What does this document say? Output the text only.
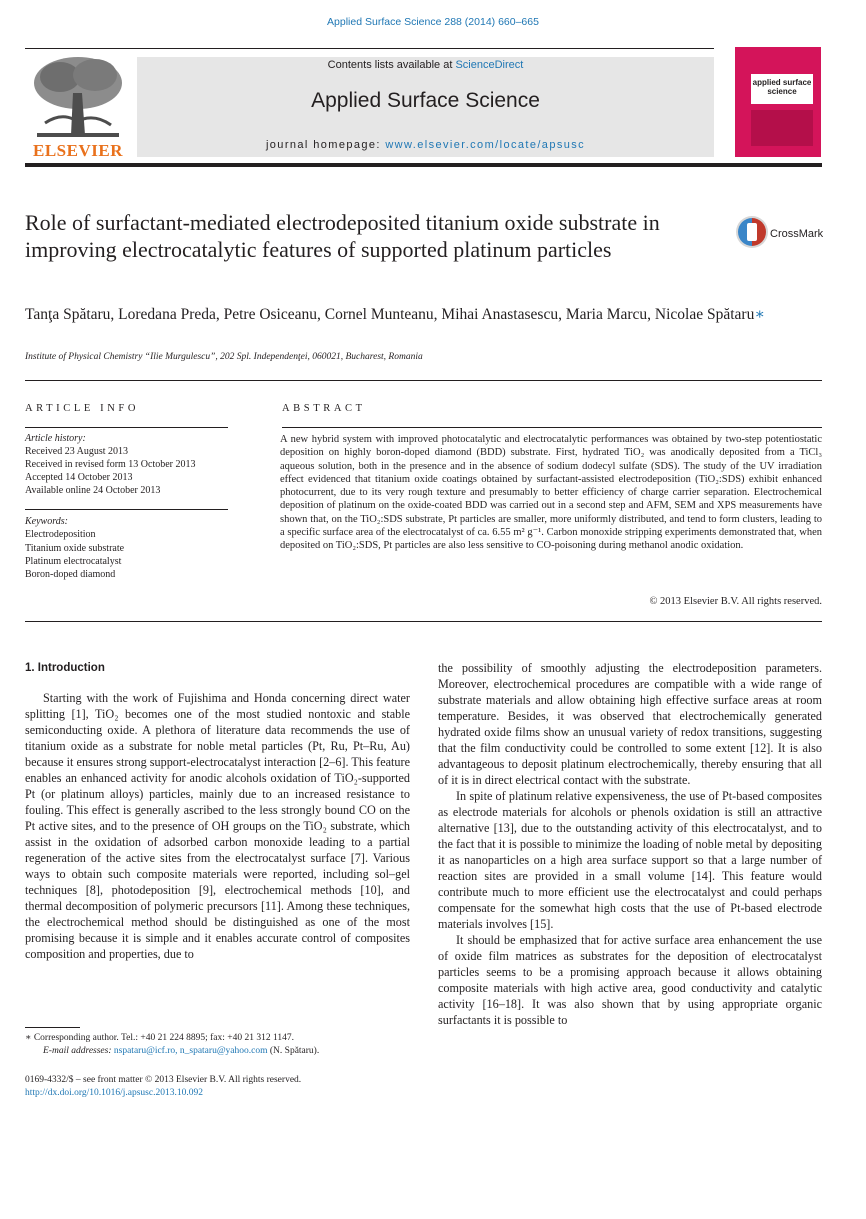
Applied Surface Science 288 (2014) 660–665
ELSEVIER
Contents lists available at ScienceDirect
Applied Surface Science
journal homepage: www.elsevier.com/locate/apsusc
applied surface science
Role of surfactant-mediated electrodeposited titanium oxide substrate in improving electrocatalytic features of supported platinum particles
CrossMark
Tanţa Spătaru, Loredana Preda, Petre Osiceanu, Cornel Munteanu, Mihai Anastasescu, Maria Marcu, Nicolae Spătaru∗
Institute of Physical Chemistry “Ilie Murgulescu”, 202 Spl. Independenţei, 060021, Bucharest, Romania
ARTICLE INFO	ABSTRACT
Article history:
Received 23 August 2013
Received in revised form 13 October 2013
Accepted 14 October 2013
Available online 24 October 2013
Keywords:
Electrodeposition
Titanium oxide substrate
Platinum electrocatalyst
Boron-doped diamond
A new hybrid system with improved photocatalytic and electrocatalytic performances was obtained by two-step potentiostatic deposition on highly boron-doped diamond (BDD) substrate. First, hydrated TiO₂ was anodically deposited from a TiCl₃ aqueous solution, both in the presence and in the absence of sodium dodecyl sulfate (SDS). The study of the UV irradiation effect evidenced that titanium oxide coatings obtained by surfactant-assisted electrodeposition (TiO₂:SDS) exhibit enhanced photocurrent, due to its very rough texture and presumably to better efficiency of charge carrier separation. Electrochemical deposition of platinum on the oxide-coated BDD was carried out in a second step and AFM, SEM and XPS measurements have shown that, on the TiO₂:SDS substrate, Pt particles are smaller, more uniformly distributed, and tend to form clusters, leading to a specific surface area of the electrocatalyst of ca. 6.55 m² g⁻¹. Carbon monoxide stripping experiments demonstrated that, when deposited on TiO₂:SDS, Pt particles are also less sensitive to CO-poisoning during methanol anodic oxidation.
© 2013 Elsevier B.V. All rights reserved.
1. Introduction

Starting with the work of Fujishima and Honda concerning direct water splitting [1], TiO₂ becomes one of the most studied nontoxic and stable semiconducting oxide. A plethora of literature data recommends the use of titanium oxide as a substrate for noble metal particles (Pt, Ru, Pt–Ru, Au) because it ensures strong support-electrocatalyst interaction [2–6]. This feature enables an enhanced activity for anodic alcohols oxidation of TiO₂-supported Pt (or platinum alloys) particles, mainly due to an increased resistance to fouling. This effect is generally ascribed to the less strongly bound CO on the Pt active sites, and to the presence of OH groups on the TiO₂ substrate, which assist in the oxidation of adsorbed carbon monoxide leading to a partial regeneration of the active sites from the electrocatalyst surface [7]. Various ways to obtain such composite materials were reported, including sol–gel techniques [8], photodeposition [9], electrochemical methods [10], and thermal decomposition of polymeric precursors [11]. Among these techniques, the electrochemical method should be distinguished as one of the most promising because it is simple and it enables accurate control of composites composition and properties, due to

the possibility of smoothly adjusting the electrodeposition parameters. Moreover, electrochemical procedures are compatible with a wide range of substrate materials and allow obtaining high effective surface areas at room temperature. Besides, it was observed that electrochemically generated hydrated oxide films show an unusual variety of redox transitions, suggesting that the film conductivity could be controlled to some extent [12]. It is also advantageous to deposit platinum electrochemically, thereby ensuring that all of it is in direct electrical contact with the substrate.

In spite of platinum relative expensiveness, the use of Pt-based composites as electrode materials for alcohols or phenols oxidation is still an attractive alternative [13], due to the outstanding activity of this electrocatalyst, and to the fact that it is possible to minimize the loading of noble metal by depositing it as nanoparticles on a high area surface support so that a large number of reaction sites are provided in a small volume [14]. This feature would contribute much to more efficient use the electrocatalyst and could perhaps compensate for the somewhat high costs that the use of Pt-based electrode materials involves [15].

It should be emphasized that for active surface area enhancement the use of oxide film matrices as substrates for the deposition of electrocatalyst particles seems to be a promising approach because it allows obtaining composite materials with high active area, good conductivity and catalytic activity [16–18]. It was also shown that by using appropriate organic surfactants it is possible to

∗ Corresponding author. Tel.: +40 21 224 8895; fax: +40 21 312 1147.
E-mail addresses: nspataru@icf.ro, n_spataru@yahoo.com (N. Spătaru).
0169-4332/$ – see front matter © 2013 Elsevier B.V. All rights reserved.
http://dx.doi.org/10.1016/j.apsusc.2013.10.092
